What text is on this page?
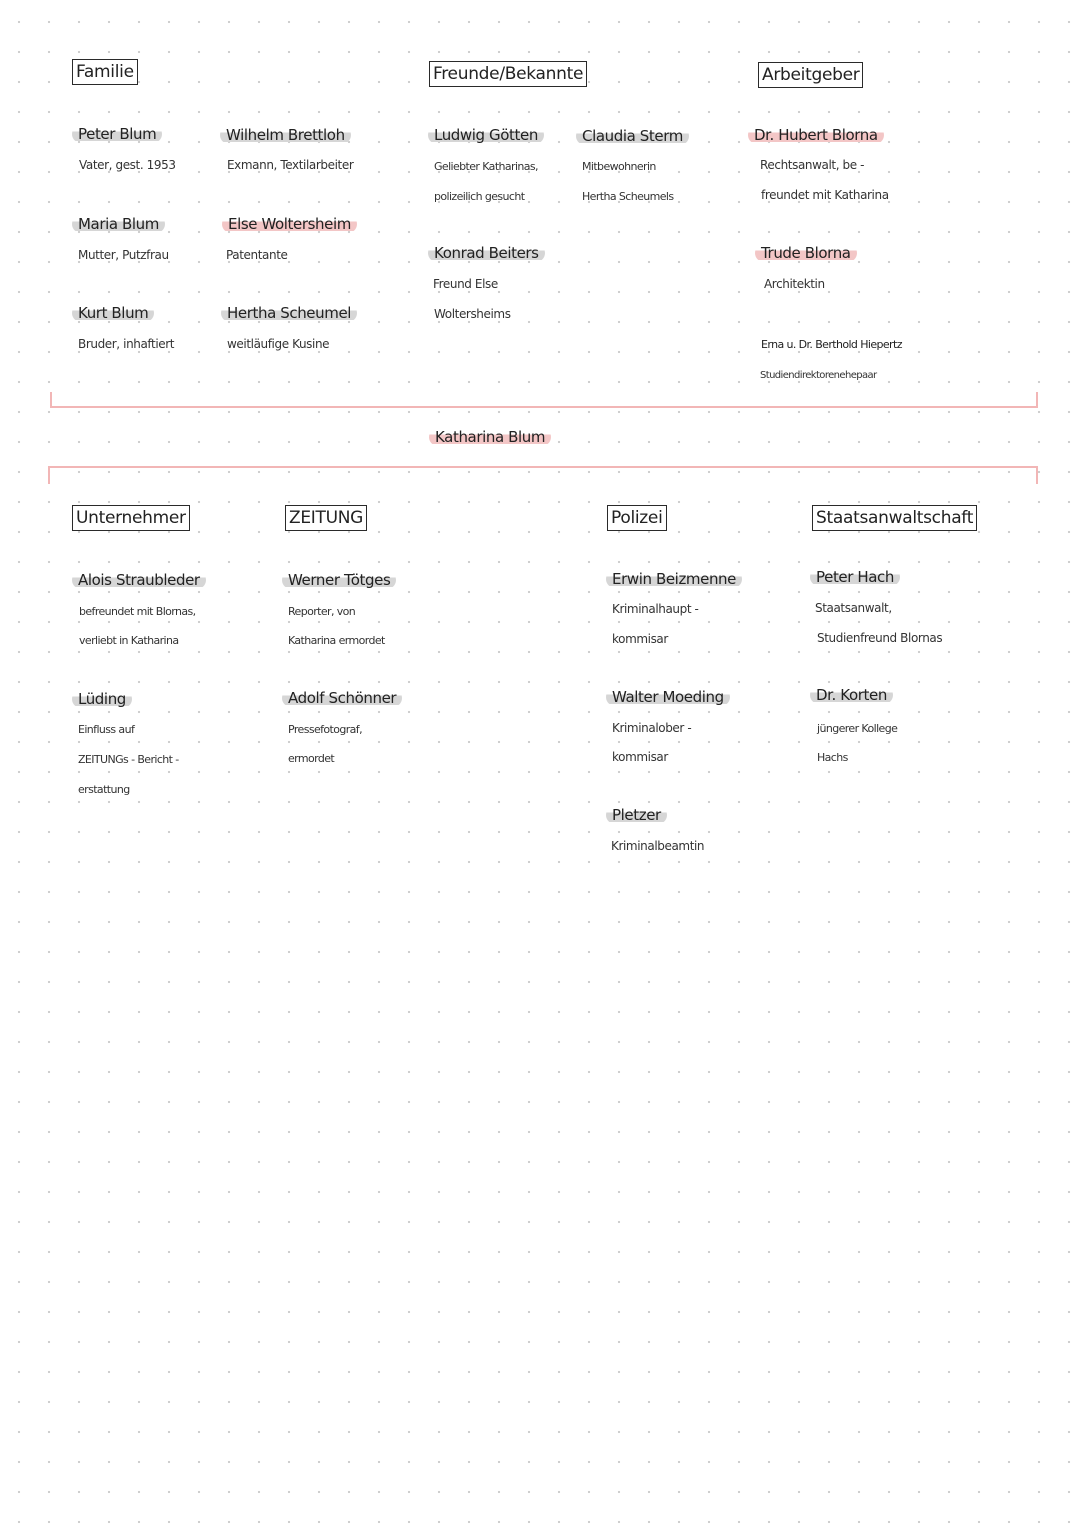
Familie	Freunde/Bekannte	Arbeitgeber
Peter Blum
Vater, gest. 1953
Maria Blum
Mutter, Putzfrau
Kurt Blum
Bruder, inhaftiert
Wilhelm Brettloh
Exmann, Textilarbeiter
Else Woltersheim
Patentante
Hertha Scheumel
weitläufige Kusine
Ludwig Götten
Geliebter Katharinas,
polizeilich gesucht
Konrad Beiters
Freund Else
Woltersheims
Claudia Sterm
Mitbewohnerin
Hertha Scheumels
Dr. Hubert Blorna
Rechtsanwalt, be -
freundet mit Katharina
Trude Blorna
Architektin
Erna u. Dr. Berthold Hiepertz
Studiendirektorenehepaar
Katharina Blum
Unternehmer	ZEITUNG	Polizei	Staatsanwaltschaft
Alois Straubleder
befreundet mit Blornas,
verliebt in Katharina
Lüding
Einfluss auf
ZEITUNGs - Bericht -
erstattung
Werner Tötges
Reporter, von
Katharina ermordet
Adolf Schönner
Pressefotograf,
ermordet
Erwin Beizmenne
Kriminalhaupt -
kommisar
Walter Moeding
Kriminalober -
kommisar
Pletzer
Kriminalbeamtin
Peter Hach
Staatsanwalt,
Studienfreund Blornas
Dr. Korten
jüngerer Kollege
Hachs
